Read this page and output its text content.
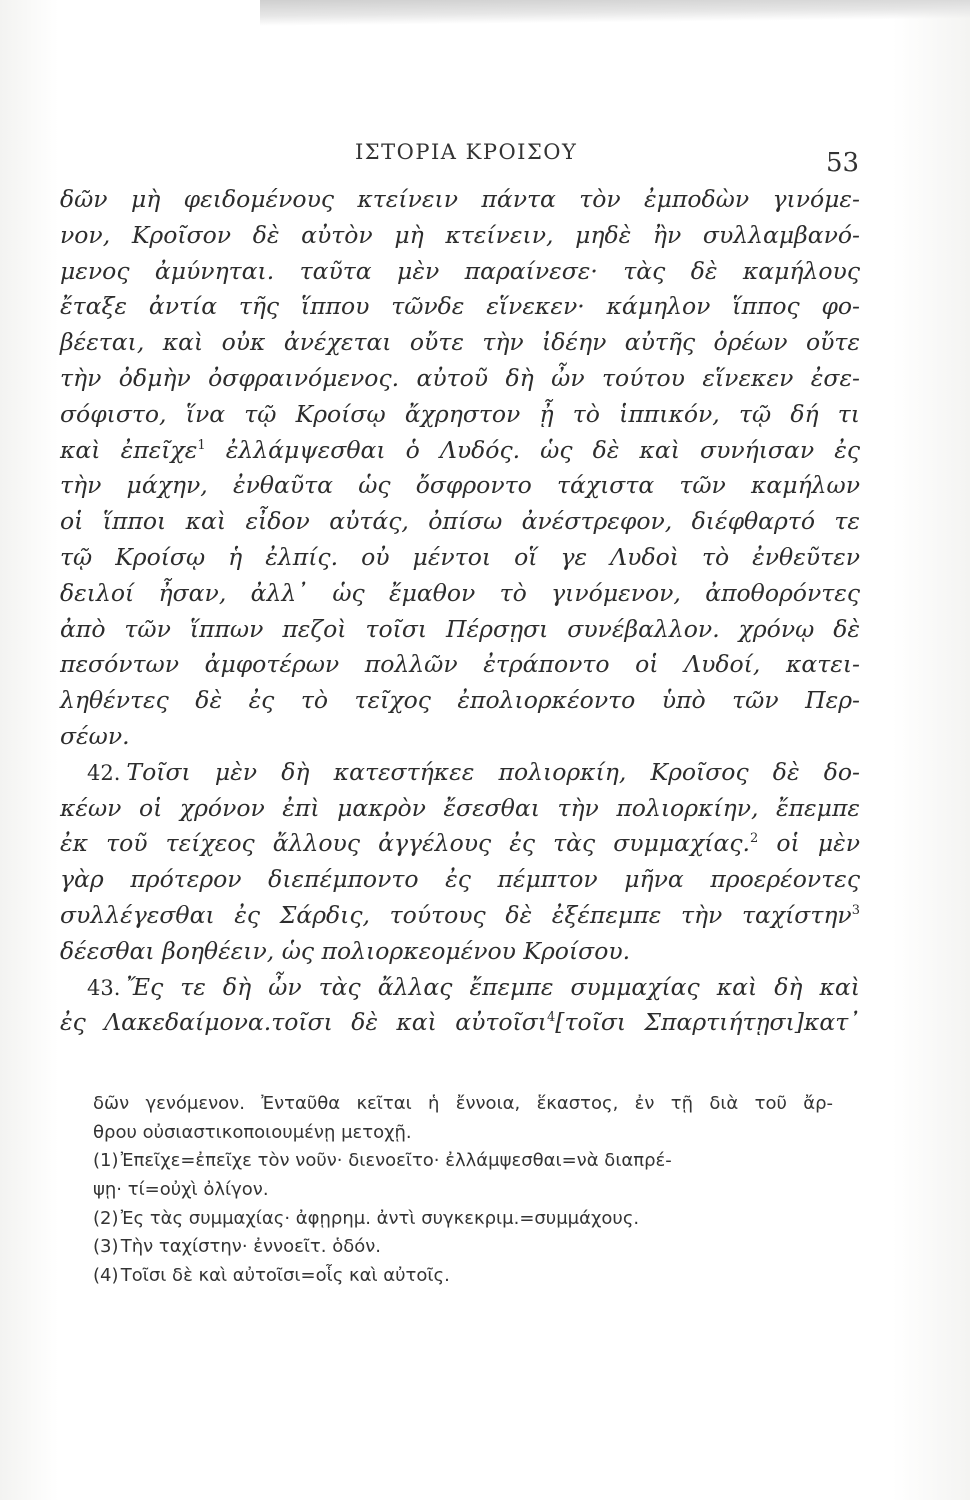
ΙΣΤΟΡΙΑ ΚΡΟΙΣΟΥ	53
δῶν μὴ φειδομένους κτείνειν πάντα τὸν ἐμποδὼν γινόμε-
νον, Κροῖσον δὲ αὐτὸν μὴ κτείνειν, μηδὲ ἢν συλλαμβανό-
μενος ἀμύνηται. ταῦτα μὲν παραίνεσε· τὰς δὲ καμήλους
ἔταξε ἀντία τῆς ἵππου τῶνδε εἵνεκεν· κάμηλον ἵππος φο-
βέεται, καὶ οὐκ ἀνέχεται οὔτε τὴν ἰδέην αὐτῆς ὁρέων οὔτε
τὴν ὀδμὴν ὀσφραινόμενος. αὐτοῦ δὴ ὦν τούτου εἵνεκεν ἐσε-
σόφιστο, ἵνα τῷ Κροίσῳ ἄχρηστον ᾖ τὸ ἱππικόν, τῷ δή τι
καὶ ἐπεῖχε$^1$ ἐλλάμψεσθαι ὁ Λυδός. ὡς δὲ καὶ συνήισαν ἐς
τὴν μάχην, ἐνθαῦτα ὡς ὄσφροντο τάχιστα τῶν καμήλων
οἱ ἵπποι καὶ εἶδον αὐτάς, ὀπίσω ἀνέστρεφον, διέφθαρτό τε
τῷ Κροίσῳ ἡ ἐλπίς. οὐ μέντοι οἵ γε Λυδοὶ τὸ ἐνθεῦτεν
δειλοί ἦσαν, ἀλλ᾽ ὡς ἔμαθον τὸ γινόμενον, ἀποθορόντες
ἀπὸ τῶν ἵππων πεζοὶ τοῖσι Πέρσῃσι συνέβαλλον. χρόνῳ δὲ
πεσόντων ἀμφοτέρων πολλῶν ἐτράποντο οἱ Λυδοί, κατει-
ληθέντες δὲ ἐς τὸ τεῖχος ἐπολιορκέοντο ὑπὸ τῶν Περ-
σέων.
42. Τοῖσι μὲν δὴ κατεστήκεε πολιορκίη, Κροῖσος δὲ δο-
κέων οἱ χρόνον ἐπὶ μακρὸν ἔσεσθαι τὴν πολιορκίην, ἔπεμπε
ἐκ τοῦ τείχεος ἄλλους ἀγγέλους ἐς τὰς συμμαχίας.$^2$ οἱ μὲν
γὰρ πρότερον διεπέμποντο ἐς πέμπτον μῆνα προερέοντες
συλλέγεσθαι ἐς Σάρδις, τούτους δὲ ἐξέπεμπε τὴν ταχίστην$^3$
δέεσθαι βοηθέειν, ὡς πολιορκεομένου Κροίσου.
43. Ἔς τε δὴ ὦν τὰς ἄλλας ἔπεμπε συμμαχίας καὶ δὴ καὶ
ἐς Λακεδαίμονα.τοῖσι δὲ καὶ αὐτοῖσι$^4$[τοῖσι Σπαρτιήτῃσι]κατ᾽
δῶν γενόμενον. Ἐνταῦθα κεῖται ἡ ἔννοια, ἕκαστος, ἐν τῇ διὰ τοῦ ἄρ-
θρου οὐσιαστικοποιουμένῃ μετοχῇ.
(1) Ἐπεῖχε=ἐπεῖχε τὸν νοῦν· διενοεῖτο· ἐλλάμψεσθαι=νὰ διαπρέ-
ψῃ· τί=οὐχὶ ὀλίγον.
(2) Ἐς τὰς συμμαχίας· ἀφῃρημ. ἀντὶ συγκεκριμ.=συμμάχους.
(3) Τὴν ταχίστην· ἐννοεῖτ. ὁδόν.
(4) Τοῖσι δὲ καὶ αὐτοῖσι=οἷς καὶ αὐτοῖς.
